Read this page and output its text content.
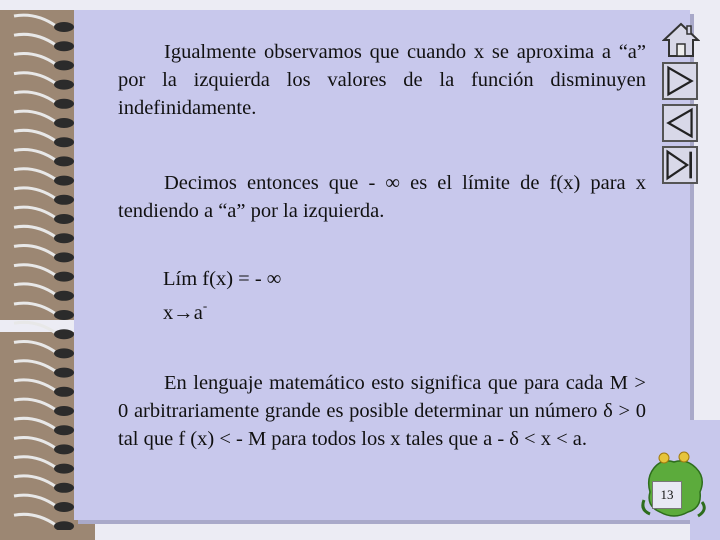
Igualmente observamos que cuando x se aproxima a “a” por la izquierda los valores de la función disminuyen indefinidamente.
Decimos entonces que - ∞ es el límite de f(x) para x tendiendo a “a” por la izquierda.
Lím f(x) = - ∞
x→a-
En lenguaje matemático esto significa que para cada M > 0 arbitrariamente grande es posible determinar un número δ > 0 tal que f (x) < - M para todos los x tales que a - δ < x < a.
13
